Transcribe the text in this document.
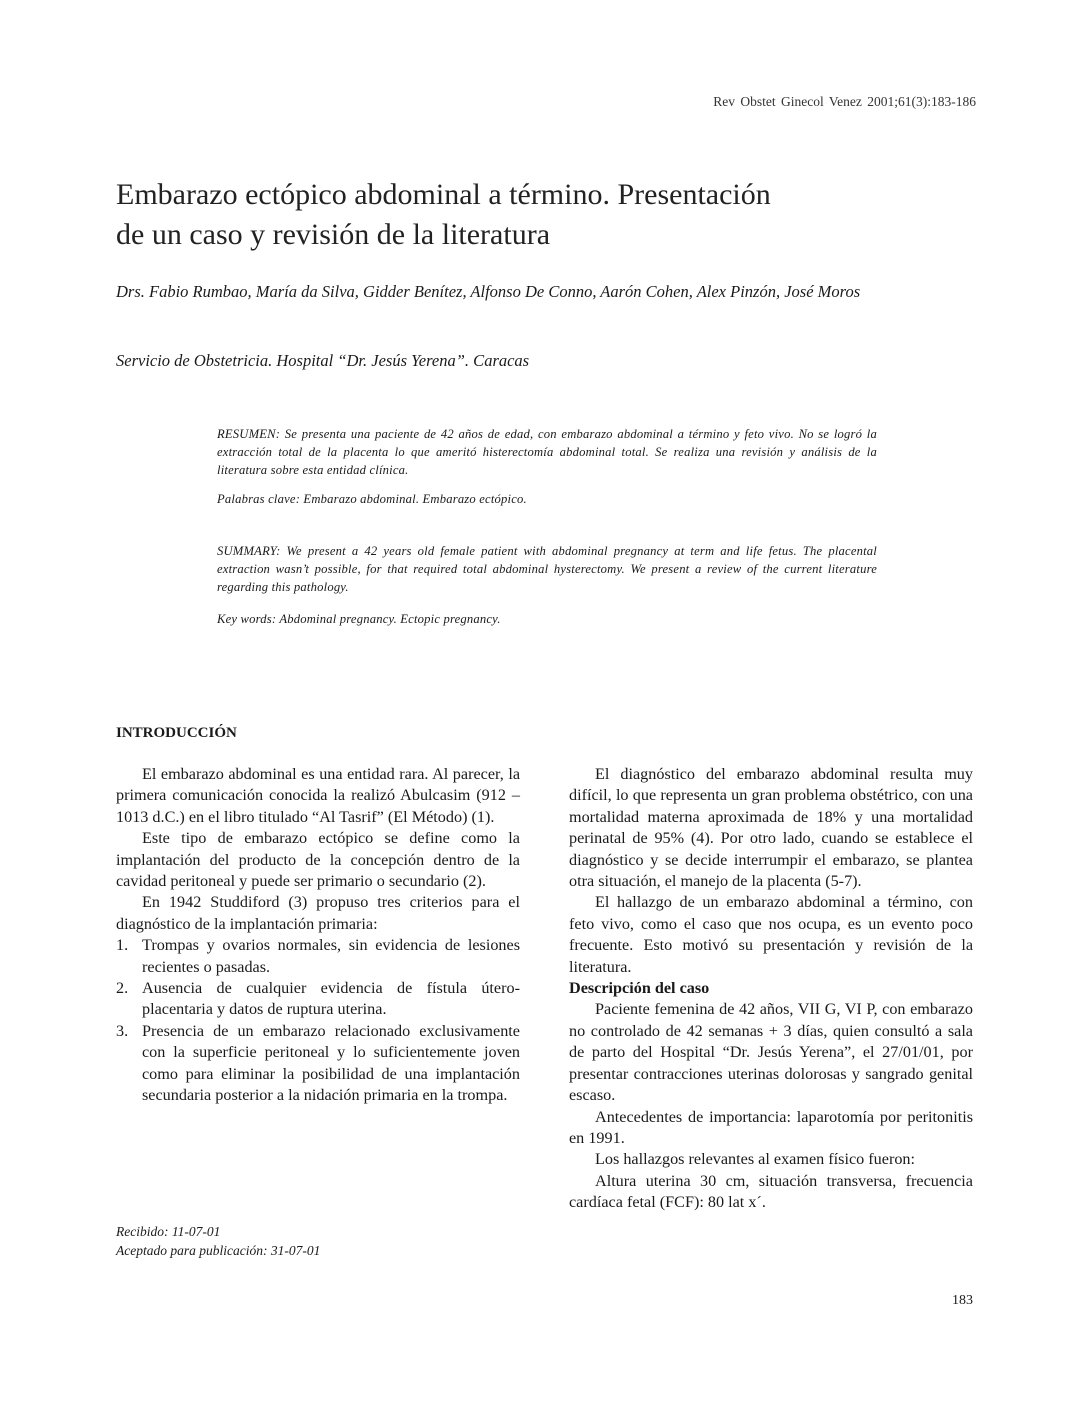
Rev Obstet Ginecol Venez 2001;61(3):183-186
Embarazo ectópico abdominal a término. Presentación
de un caso y revisión de la literatura

Drs. Fabio Rumbao, María da Silva, Gidder Benítez, Alfonso De Conno, Aarón Cohen, Alex Pinzón, José Moros

Servicio de Obstetricia. Hospital “Dr. Jesús Yerena”. Caracas

RESUMEN: Se presenta una paciente de 42 años de edad, con embarazo abdominal a término y feto vivo. No se logró la extracción total de la placenta lo que ameritó histerectomía abdominal total. Se realiza una revisión y análisis de la literatura sobre esta entidad clínica.

Palabras clave: Embarazo abdominal. Embarazo ectópico.

SUMMARY: We present a 42 years old female patient with abdominal pregnancy at term and life fetus. The placental extraction wasn’t possible, for that required total abdominal hysterectomy. We present a review of the current literature regarding this pathology.

Key words: Abdominal pregnancy. Ectopic pregnancy.

INTRODUCCIÓN

El embarazo abdominal es una entidad rara. Al parecer, la primera comunicación conocida la realizó Abulcasim (912 – 1013 d.C.) en el libro titulado “Al Tasrif” (El Método) (1).

Este tipo de embarazo ectópico se define como la implantación del producto de la concepción dentro de la cavidad peritoneal y puede ser primario o secundario (2).

En 1942 Studdiford (3) propuso tres criterios para el diagnóstico de la implantación primaria:

1. Trompas y ovarios normales, sin evidencia de lesiones recientes o pasadas.
2. Ausencia de cualquier evidencia de fístula útero-placentaria y datos de ruptura uterina.
3. Presencia de un embarazo relacionado exclusivamente con la superficie peritoneal y lo suficientemente joven como para eliminar la posibilidad de una implantación secundaria posterior a la nidación primaria en la trompa.

El diagnóstico del embarazo abdominal resulta muy difícil, lo que representa un gran problema obstétrico, con una mortalidad materna aproximada de 18% y una mortalidad perinatal de 95% (4). Por otro lado, cuando se establece el diagnóstico y se decide interrumpir el embarazo, se plantea otra situación, el manejo de la placenta (5-7).

El hallazgo de un embarazo abdominal a término, con feto vivo, como el caso que nos ocupa, es un evento poco frecuente. Esto motivó su presentación y revisión de la literatura.

Descripción del caso

Paciente femenina de 42 años, VII G, VI P, con embarazo no controlado de 42 semanas + 3 días, quien consultó a sala de parto del Hospital “Dr. Jesús Yerena”, el 27/01/01, por presentar contracciones uterinas dolorosas y sangrado genital escaso.

Antecedentes de importancia: laparotomía por peritonitis en 1991.

Los hallazgos relevantes al examen físico fueron:

Altura uterina 30 cm, situación transversa, frecuencia cardíaca fetal (FCF): 80 lat x´.

Recibido: 11-07-01
Aceptado para publicación: 31-07-01
183
